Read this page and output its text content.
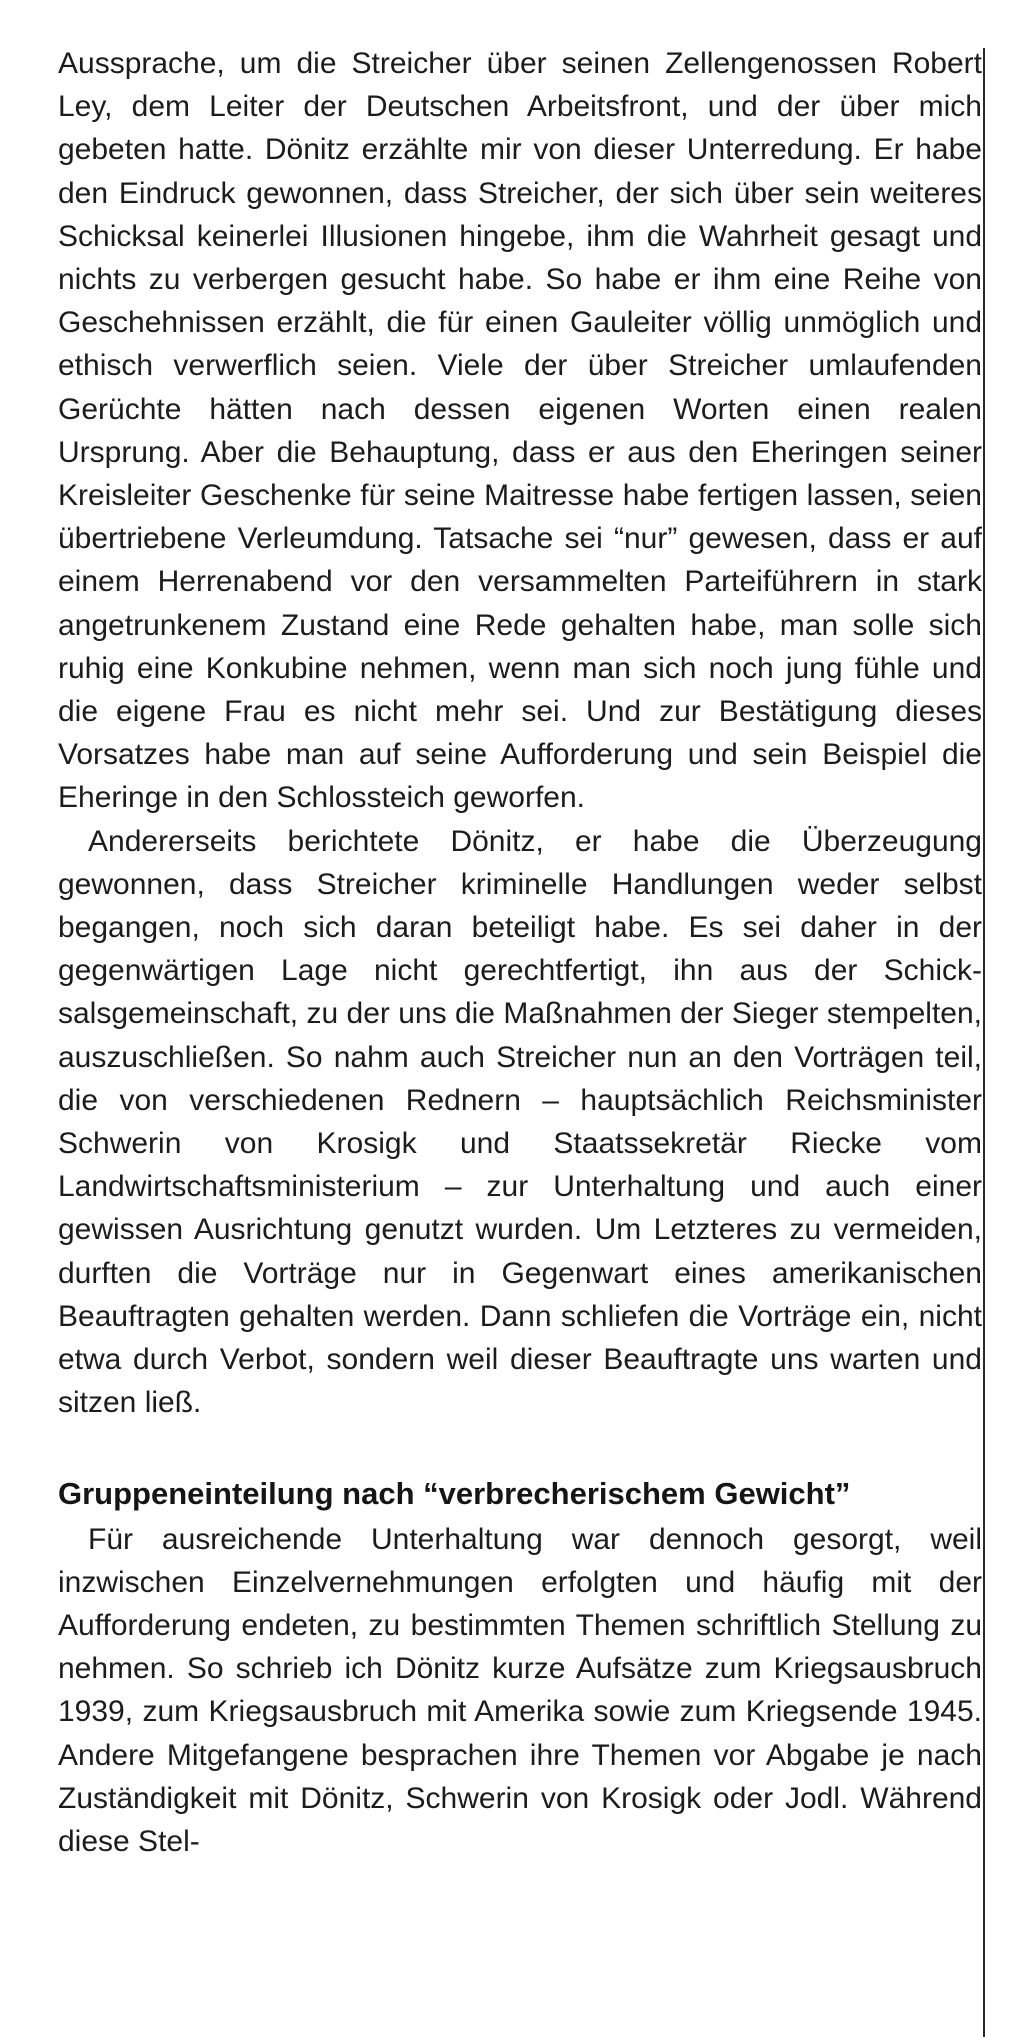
Aussprache, um die Streicher über seinen Zellengenossen Robert Ley, dem Leiter der Deutschen Arbeitsfront, und der über mich gebeten hatte. Dönitz erzählte mir von dieser Unterredung. Er habe den Eindruck gewonnen, dass Streicher, der sich über sein weiteres Schicksal keinerlei Illusionen hingebe, ihm die Wahrheit gesagt und nichts zu verbergen gesucht habe. So habe er ihm eine Reihe von Geschehnissen erzählt, die für einen Gauleiter völlig unmöglich und ethisch verwerflich seien. Viele der über Streicher umlaufenden Gerüchte hätten nach dessen eigenen Worten einen realen Ursprung. Aber die Behauptung, dass er aus den Eheringen seiner Kreisleiter Geschenke für seine Maitresse habe fertigen lassen, seien übertriebene Verleumdung. Tatsache sei “nur” gewesen, dass er auf einem Herrenabend vor den versammelten Parteiführern in stark angetrunkenem Zustand eine Rede gehalten habe, man solle sich ruhig eine Konkubine nehmen, wenn man sich noch jung fühle und die eigene Frau es nicht mehr sei. Und zur Bestätigung dieses Vorsatzes habe man auf seine Aufforderung und sein Beispiel die Eheringe in den Schlossteich geworfen.

Andererseits berichtete Dönitz, er habe die Überzeugung gewonnen, dass Streicher kriminelle Handlungen weder selbst begangen, noch sich daran beteiligt habe. Es sei daher in der gegenwärtigen Lage nicht gerechtfertigt, ihn aus der Schicksalsgemeinschaft, zu der uns die Maßnahmen der Sieger stempelten, auszuschließen. So nahm auch Streicher nun an den Vorträgen teil, die von verschiedenen Rednern – hauptsächlich Reichsminister Schwerin von Krosigk und Staatssekretär Riecke vom Landwirtschaftsministerium – zur Unterhaltung und auch einer gewissen Ausrichtung genutzt wurden. Um Letzteres zu vermeiden, durften die Vorträge nur in Gegenwart eines amerikanischen Beauftragten gehalten werden. Dann schliefen die Vorträge ein, nicht etwa durch Verbot, sondern weil dieser Beauftragte uns warten und sitzen ließ.

Gruppeneinteilung nach “verbrecherischem Gewicht”

Für ausreichende Unterhaltung war dennoch gesorgt, weil inzwischen Einzelvernehmungen erfolgten und häufig mit der Aufforderung endeten, zu bestimmten Themen schriftlich Stellung zu nehmen. So schrieb ich Dönitz kurze Aufsätze zum Kriegsausbruch 1939, zum Kriegsausbruch mit Amerika sowie zum Kriegsende 1945. Andere Mitgefangene besprachen ihre Themen vor Abgabe je nach Zuständigkeit mit Dönitz, Schwerin von Krosigk oder Jodl. Während diese Stel-
